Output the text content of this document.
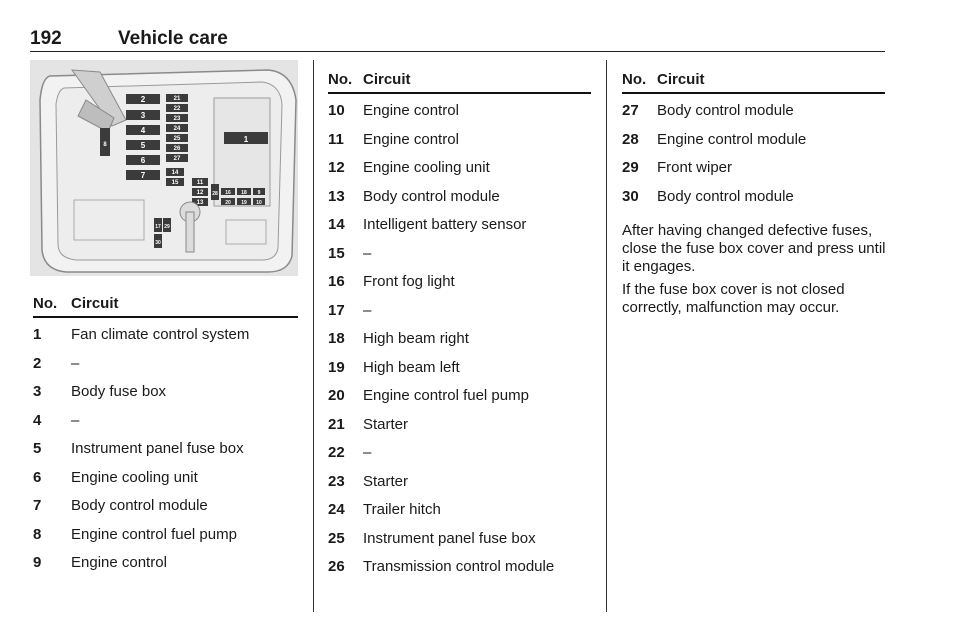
192	Vehicle care
8
1
2
3
4
5
6
7
21
22
23
24
25
26
27
14
15	11
12
13
28 16
20
18
19
9
10
17 29
30
No. Circuit
1 Fan climate control system
2 –
3 Body fuse box
4 –
5 Instrument panel fuse box
6 Engine cooling unit
7 Body control module
8 Engine control fuel pump
9 Engine control
No. Circuit
10 Engine control
11 Engine control
12 Engine cooling unit
13 Body control module
14 Intelligent battery sensor
15 –
16 Front fog light
17 –
18 High beam right
19 High beam left
20 Engine control fuel pump
21 Starter
22 –
23 Starter
24 Trailer hitch
25 Instrument panel fuse box
26 Transmission control module
No. Circuit
27 Body control module
28 Engine control module
29 Front wiper
30 Body control module
After having changed defective fuses, close the fuse box cover and press until it engages.
If the fuse box cover is not closed correctly, malfunction may occur.
